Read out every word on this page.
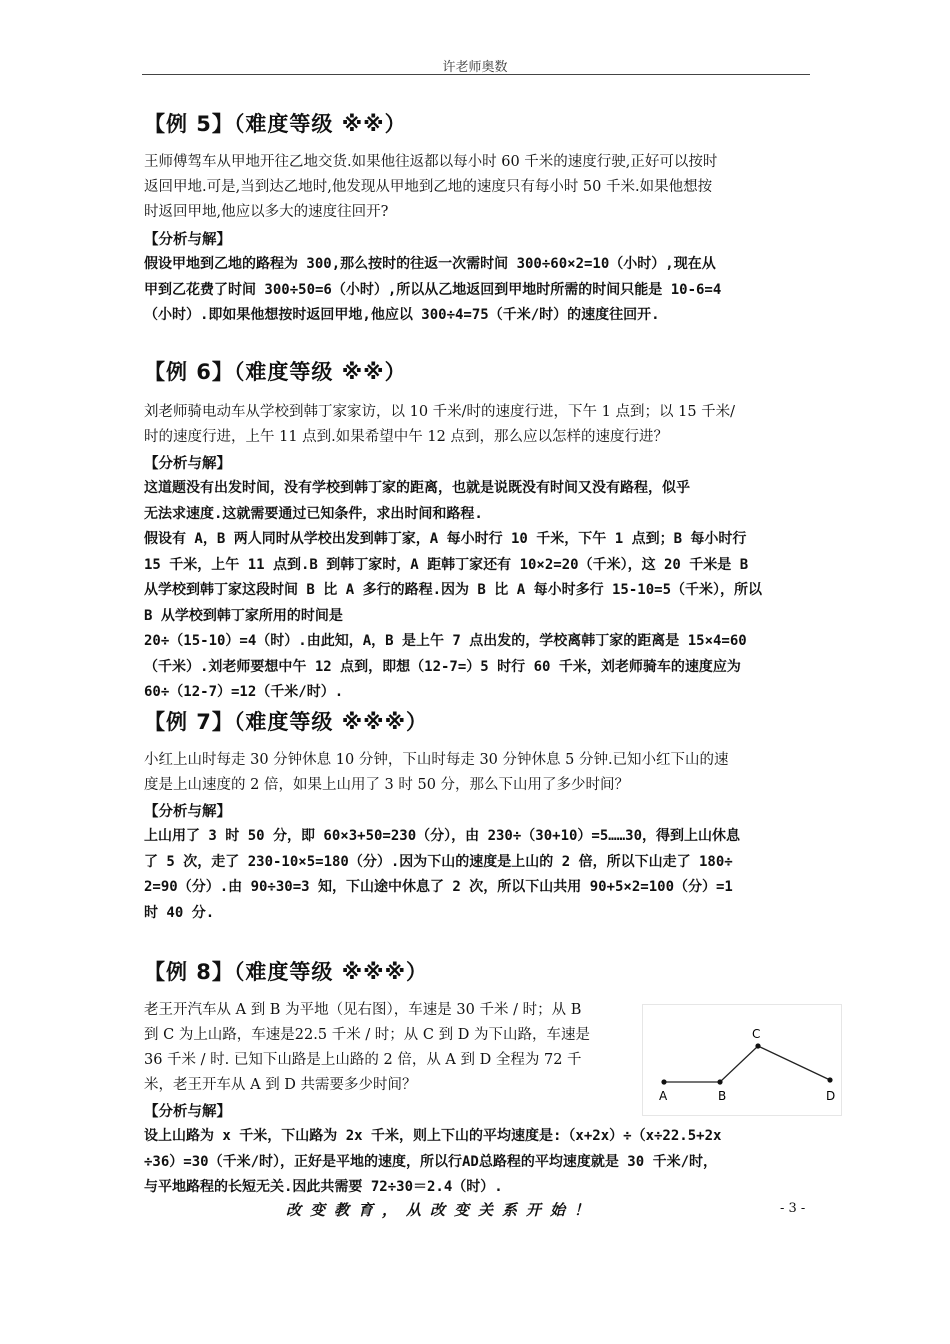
许老师奥数
【例 5】（难度等级 ※※）
王师傅驾车从甲地开往乙地交货.如果他往返都以每小时 60 千米的速度行驶,正好可以按时
返回甲地.可是,当到达乙地时,他发现从甲地到乙地的速度只有每小时 50 千米.如果他想按
时返回甲地,他应以多大的速度往回开?
【分析与解】
假设甲地到乙地的路程为 300,那么按时的往返一次需时间 300÷60×2=10（小时）,现在从
甲到乙花费了时间 300÷50=6（小时）,所以从乙地返回到甲地时所需的时间只能是 10-6=4
（小时）.即如果他想按时返回甲地,他应以 300÷4=75（千米/时）的速度往回开.
【例 6】（难度等级 ※※）
刘老师骑电动车从学校到韩丁家家访，以 10 千米/时的速度行进，下午 1 点到；以 15 千米/
时的速度行进，上午 11 点到.如果希望中午 12 点到，那么应以怎样的速度行进？
【分析与解】
这道题没有出发时间，没有学校到韩丁家的距离，也就是说既没有时间又没有路程，似乎
无法求速度.这就需要通过已知条件，求出时间和路程.
假设有 A，B 两人同时从学校出发到韩丁家，A 每小时行 10 千米，下午 1 点到；B 每小时行
15 千米，上午 11 点到.B 到韩丁家时，A 距韩丁家还有 10×2=20（千米），这 20 千米是 B
从学校到韩丁家这段时间 B 比 A 多行的路程.因为 B 比 A 每小时多行 15-10=5（千米），所以
B 从学校到韩丁家所用的时间是
20÷（15-10）=4（时）.由此知，A，B 是上午 7 点出发的，学校离韩丁家的距离是 15×4=60
（千米）.刘老师要想中午 12 点到，即想（12-7=）5 时行 60 千米，刘老师骑车的速度应为
60÷（12-7）=12（千米/时）.
【例 7】（难度等级 ※※※）
小红上山时每走 30 分钟休息 10 分钟，下山时每走 30 分钟休息 5 分钟.已知小红下山的速
度是上山速度的 2 倍，如果上山用了 3 时 50 分，那么下山用了多少时间？
【分析与解】
上山用了 3 时 50 分，即 60×3+50=230（分），由 230÷（30+10）=5……30，得到上山休息
了 5 次，走了 230-10×5=180（分）.因为下山的速度是上山的 2 倍，所以下山走了 180÷
2=90（分）.由 90÷30=3 知，下山途中休息了 2 次，所以下山共用 90+5×2=100（分）=1
时 40 分.
【例 8】（难度等级 ※※※）
老王开汽车从 A 到 B 为平地（见右图），车速是 30 千米 / 时；从 B
到 C 为上山路，车速是22.5 千米 / 时；从 C 到 D 为下山路，车速是
36 千米 / 时. 已知下山路是上山路的 2 倍，从 A 到 D 全程为 72 千
米，老王开车从 A 到 D 共需要多少时间？
A	B
C
D
【分析与解】
设上山路为 x 千米，下山路为 2x 千米，则上下山的平均速度是:（x+2x）÷（x÷22.5+2x
÷36）=30（千米/时），正好是平地的速度，所以行AD总路程的平均速度就是 30 千米/时，
与平地路程的长短无关.因此共需要 72÷30＝2.4（时）.
改变教育，从改变关系开始！	- 3 -
